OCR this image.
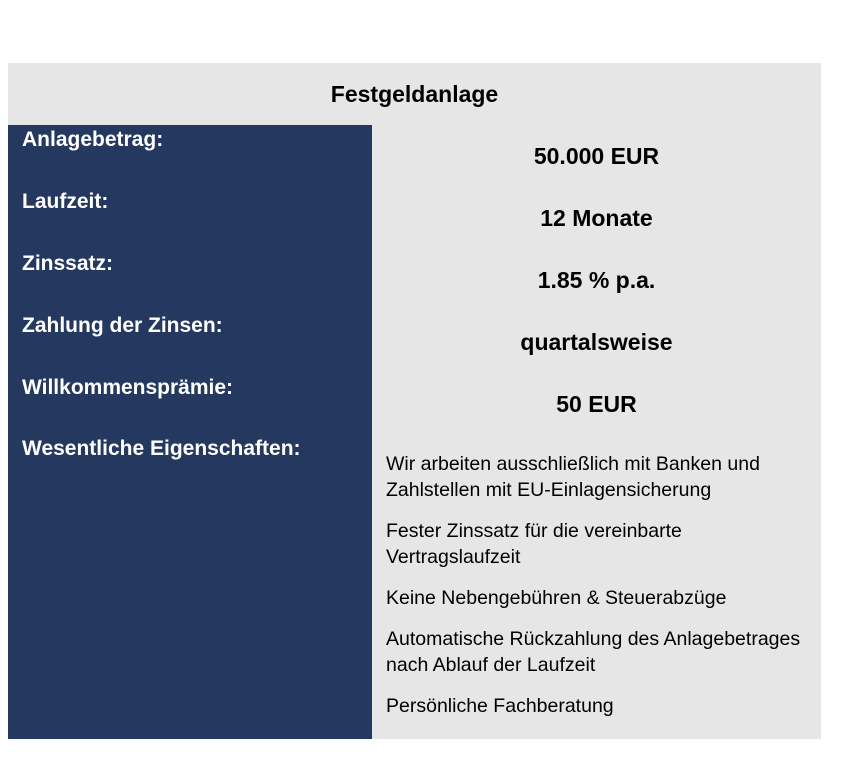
Festgeldanlage
Anlagebetrag:
Laufzeit:
Zinssatz:
Zahlung der Zinsen:
Willkommensprämie:
Wesentliche Eigenschaften:
50.000 EUR
12 Monate
1.85 % p.a.
quartalsweise
50 EUR
Wir arbeiten ausschließlich mit Banken und Zahlstellen mit EU-Einlagensicherung
Fester Zinssatz für die vereinbarte Vertragslaufzeit
Keine Nebengebühren & Steuerabzüge
Automatische Rückzahlung des Anlagebetrages nach Ablauf der Laufzeit
Persönliche Fachberatung
